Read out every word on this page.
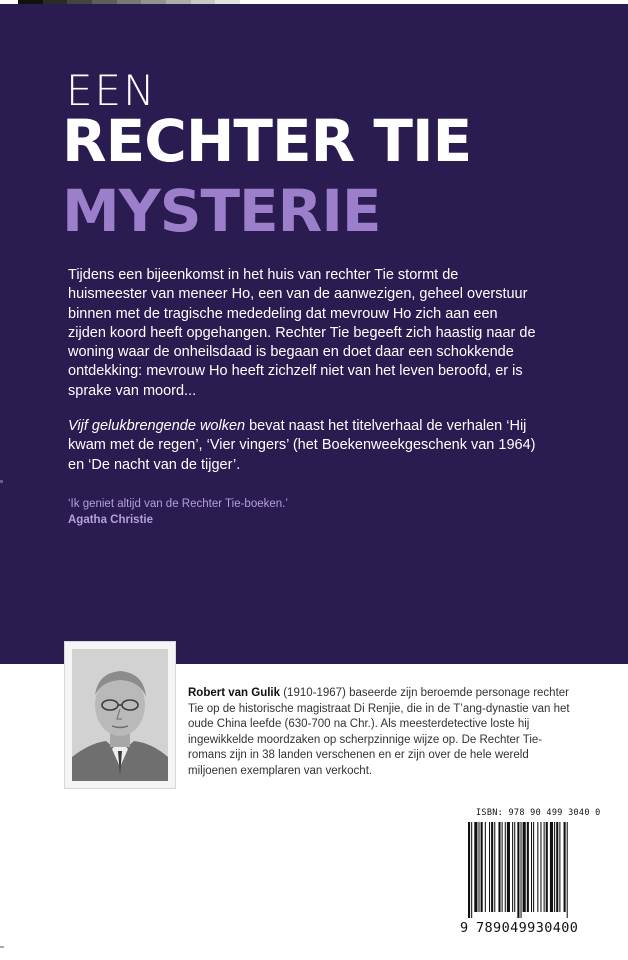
EEN
RECHTER TIE
MYSTERIE

Tijdens een bijeenkomst in het huis van rechter Tie stormt de huismeester van meneer Ho, een van de aanwezigen, geheel overstuur binnen met de tragische mededeling dat mevrouw Ho zich aan een zijden koord heeft opgehangen. Rechter Tie begeeft zich haastig naar de woning waar de onheilsdaad is begaan en doet daar een schokkende ontdekking: mevrouw Ho heeft zichzelf niet van het leven beroofd, er is sprake van moord...

Vijf gelukbrengende wolken bevat naast het titelverhaal de verhalen ‘Hij kwam met de regen’, ‘Vier vingers’ (het Boekenweekgeschenk van 1964) en ‘De nacht van de tijger’.

‘Ik geniet altijd van de Rechter Tie-boeken.’
Agatha Christie
Robert van Gulik (1910-1967) baseerde zijn beroemde personage rechter Tie op de historische magistraat Di Renjie, die in de T’ang-dynastie van het oude China leefde (630-700 na Chr.). Als meesterdetective loste hij ingewikkelde moordzaken op scherpzinnige wijze op. De Rechter Tie-romans zijn in 38 landen verschenen en er zijn over de hele wereld miljoenen exemplaren van verkocht.
ISBN: 978 90 499 3040 0
9 789049930400
